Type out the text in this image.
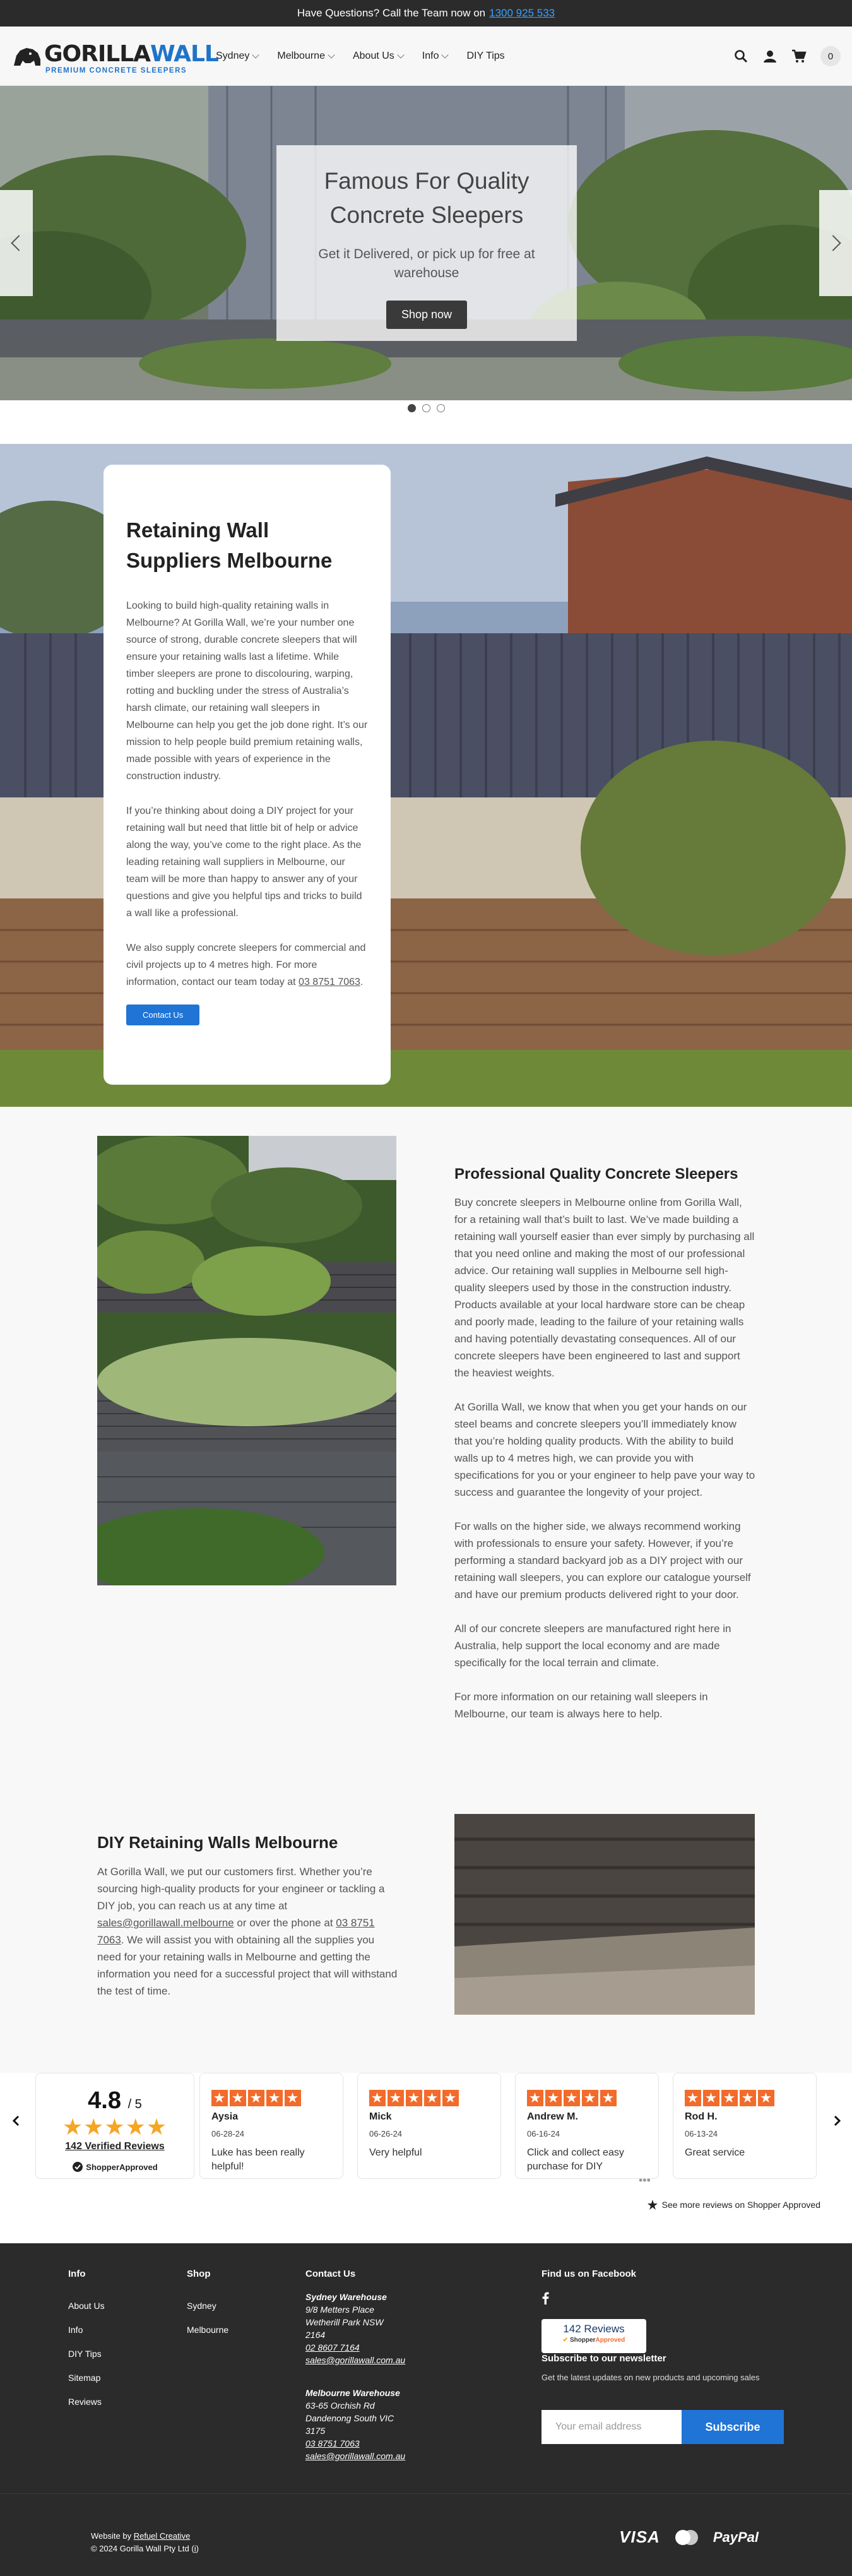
Have Questions? Call the Team now on 1300 925 533
GORILLAWALL
PREMIUM CONCRETE SLEEPERS
Sydney	Melbourne	About Us	Info	DIY Tips	0
Famous For Quality Concrete Sleepers

Get it Delivered, or pick up for free at warehouse

Shop now
Retaining Wall Suppliers Melbourne

Looking to build high-quality retaining walls in Melbourne? At Gorilla Wall, we’re your number one source of strong, durable concrete sleepers that will ensure your retaining walls last a lifetime. While timber sleepers are prone to discolouring, warping, rotting and buckling under the stress of Australia’s harsh climate, our retaining wall sleepers in Melbourne can help you get the job done right. It’s our mission to help people build premium retaining walls, made possible with years of experience in the construction industry.

If you’re thinking about doing a DIY project for your retaining wall but need that little bit of help or advice along the way, you’ve come to the right place. As the leading retaining wall suppliers in Melbourne, our team will be more than happy to answer any of your questions and give you helpful tips and tricks to build a wall like a professional.

We also supply concrete sleepers for commercial and civil projects up to 4 metres high. For more information, contact our team today at 03 8751 7063.

Contact Us
Professional Quality Concrete Sleepers

Buy concrete sleepers in Melbourne online from Gorilla Wall, for a retaining wall that’s built to last. We’ve made building a retaining wall yourself easier than ever simply by purchasing all that you need online and making the most of our professional advice. Our retaining wall supplies in Melbourne sell high-quality sleepers used by those in the construction industry. Products available at your local hardware store can be cheap and poorly made, leading to the failure of your retaining walls and having potentially devastating consequences. All of our concrete sleepers have been engineered to last and support the heaviest weights.

At Gorilla Wall, we know that when you get your hands on our steel beams and concrete sleepers you’ll immediately know that you’re holding quality products. With the ability to build walls up to 4 metres high, we can provide you with specifications for you or your engineer to help pave your way to success and guarantee the longevity of your project.

For walls on the higher side, we always recommend working with professionals to ensure your safety. However, if you’re performing a standard backyard job as a DIY project with our retaining wall sleepers, you can explore our catalogue yourself and have our premium products delivered right to your door.

All of our concrete sleepers are manufactured right here in Australia, help support the local economy and are made specifically for the local terrain and climate.

For more information on our retaining wall sleepers in Melbourne, our team is always here to help.

DIY Retaining Walls Melbourne

At Gorilla Wall, we put our customers first. Whether you’re sourcing high-quality products for your engineer or tackling a DIY job, you can reach us at any time at sales@gorillawall.melbourne or over the phone at 03 8751 7063. We will assist you with obtaining all the supplies you need for your retaining walls in Melbourne and getting the information you need for a successful project that will withstand the test of time.

4.8 / 5
★★★★★
142 Verified Reviews
ShopperApproved
★ ★ ★ ★ ★
Aysia
06-28-24
Luke has been really helpful!
★ ★ ★ ★ ★
Mick
06-26-24
Very helpful
★ ★ ★ ★ ★
Andrew M.
06-16-24
Click and collect easy purchase for DIY
★ ★ ★ ★ ★
Rod H.
06-13-24
Great service
•••
See more reviews on Shopper Approved
Info
About Us
Info
DIY Tips
Sitemap
Reviews
Shop
Sydney
Melbourne
Contact Us
Sydney Warehouse
9/8 Metters Place
Wetherill Park NSW
2164
02 8607 7164
sales@gorillawall.com.au
Melbourne Warehouse
63-65 Orchish Rd
Dandenong South VIC
3175
03 8751 7063
sales@gorillawall.com.au
Find us on Facebook
142 Reviews
✔ ShopperApproved
Subscribe to our newsletter

Get the latest updates on new products and upcoming sales

Your email address
Subscribe
Website by Refuel Creative
© 2024 Gorilla Wall Pty Ltd (i)
VISA	PayPal
